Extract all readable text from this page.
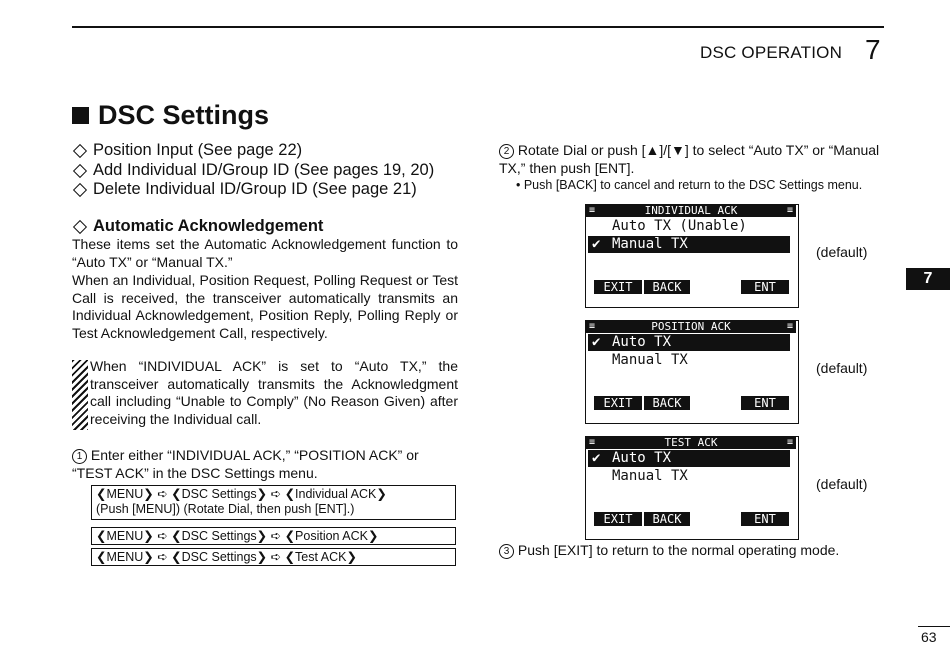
DSC OPERATION 7
7
63
DSC Settings
Position Input (See page 22)
Add Individual ID/Group ID (See pages 19, 20)
Delete Individual ID/Group ID (See page 21)
Automatic Acknowledgement
These items set the Automatic Acknowledgement function to “Auto TX” or “Manual TX.”
When an Individual, Position Request, Polling Request or Test Call is received, the transceiver automatically transmits an Individual Acknowledgement, Position Reply, Polling Reply or Test Acknowledgement Call, respectively.
When “INDIVIDUAL ACK” is set to “Auto TX,” the transceiver automatically transmits the Acknowledgment call including “Unable to Comply” (No Reason Given) after receiving the Individual call.
1 Enter either “INDIVIDUAL ACK,” “POSITION ACK” or “TEST ACK” in the DSC Settings menu.
❮MENU❯ ➪ ❮DSC Settings❯ ➪ ❮Individual ACK❯
(Push [MENU]) (Rotate Dial, then push [ENT].)
❮MENU❯ ➪ ❮DSC Settings❯ ➪ ❮Position ACK❯
❮MENU❯ ➪ ❮DSC Settings❯ ➪ ❮Test ACK❯
2 Rotate Dial or push [▲]/[▼] to select “Auto TX” or “Manual TX,” then push [ENT].
• Push [BACK] to cancel and return to the DSC Settings menu.
≡	INDIVIDUAL ACK	≡
Auto TX (Unable)
✔ Manual TX
EXIT	BACK	ENT
(default)
≡	POSITION ACK	≡
✔ Auto TX
Manual TX
EXIT	BACK	ENT
(default)
≡	TEST ACK	≡
✔ Auto TX
Manual TX
EXIT	BACK	ENT
(default)
3 Push [EXIT] to return to the normal operating mode.
